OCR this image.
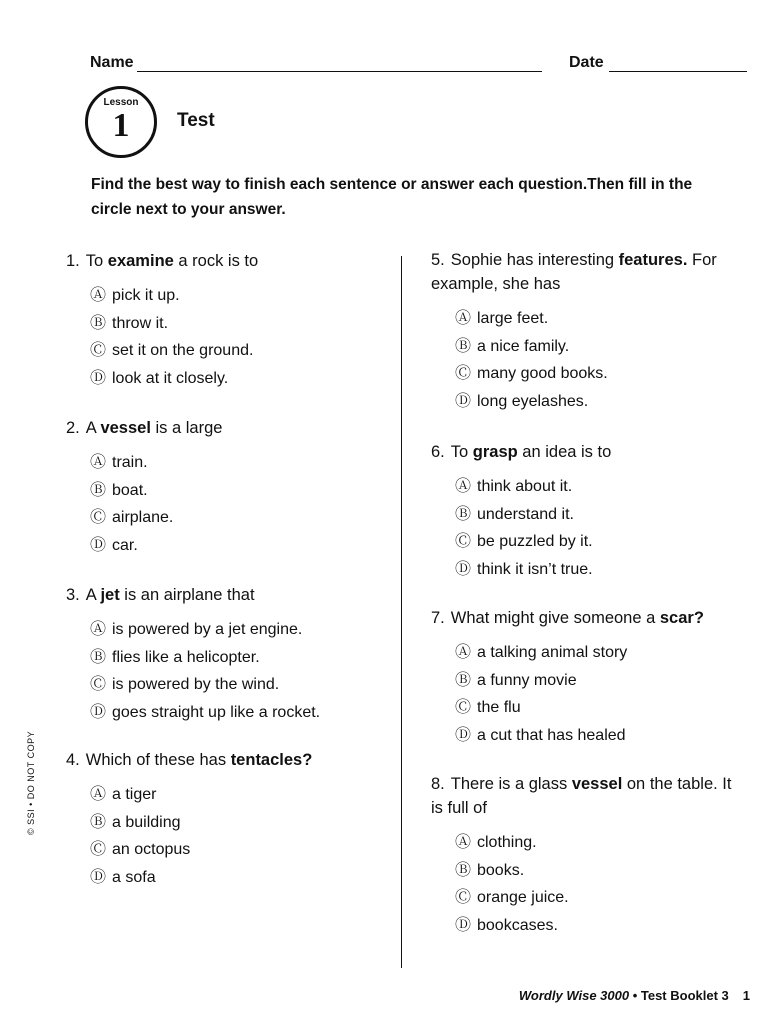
Name	Date
Lesson
1	Test
Find the best way to finish each sentence or answer each question.Then fill in the circle next to your answer.
1. To examine a rock is to
Ⓐ pick it up.
Ⓑ throw it.
Ⓒ set it on the ground.
Ⓓ look at it closely.
2. A vessel is a large
Ⓐ train.
Ⓑ boat.
Ⓒ airplane.
Ⓓ car.
3. A jet is an airplane that
Ⓐ is powered by a jet engine.
Ⓑ flies like a helicopter.
Ⓒ is powered by the wind.
Ⓓ goes straight up like a rocket.
4. Which of these has tentacles?
Ⓐ a tiger
Ⓑ a building
Ⓒ an octopus
Ⓓ a sofa
5. Sophie has interesting features. For example, she has
Ⓐ large feet.
Ⓑ a nice family.
Ⓒ many good books.
Ⓓ long eyelashes.
6. To grasp an idea is to
Ⓐ think about it.
Ⓑ understand it.
Ⓒ be puzzled by it.
Ⓓ think it isn’t true.
7. What might give someone a scar?
Ⓐ a talking animal story
Ⓑ a funny movie
Ⓒ the flu
Ⓓ a cut that has healed
8. There is a glass vessel on the table. It is full of
Ⓐ clothing.
Ⓑ books.
Ⓒ orange juice.
Ⓓ bookcases.
© SSI • DO NOT COPY
Wordly Wise 3000 • Test Booklet 3 1
